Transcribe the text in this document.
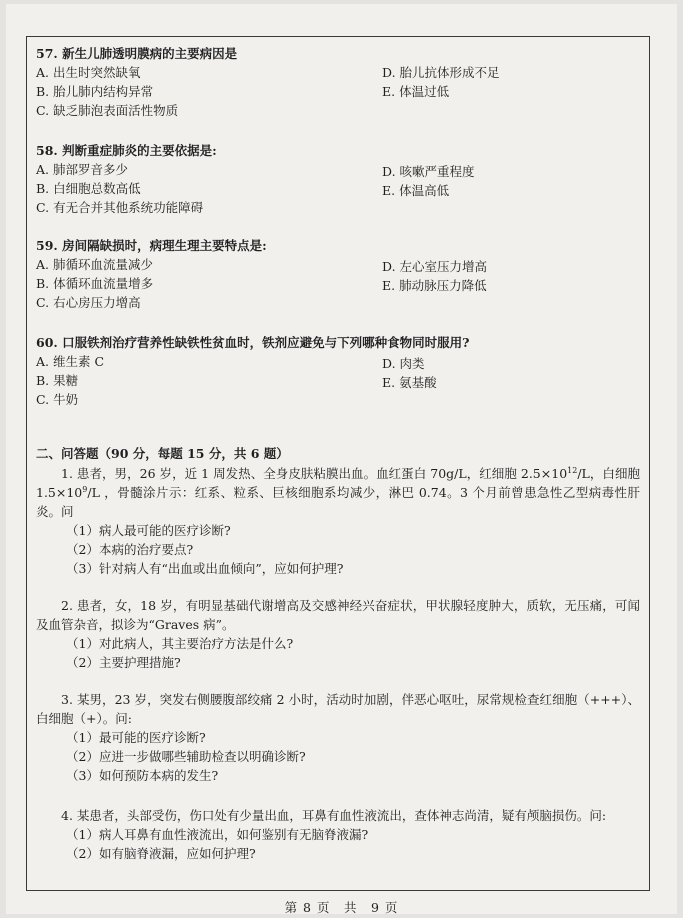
57. 新生儿肺透明膜病的主要病因是
A. 出生时突然缺氧	D. 胎儿抗体形成不足
B. 胎儿肺内结构异常	E. 体温过低
C. 缺乏肺泡表面活性物质
58. 判断重症肺炎的主要依据是:
A. 肺部罗音多少	D. 咳嗽严重程度
B. 白细胞总数高低	E. 体温高低
C. 有无合并其他系统功能障碍
59. 房间隔缺损时，病理生理主要特点是:
A. 肺循环血流量减少	D. 左心室压力增高
B. 体循环血流量增多	E. 肺动脉压力降低
C. 右心房压力增高
60. 口服铁剂治疗营养性缺铁性贫血时，铁剂应避免与下列哪种食物同时服用?
A. 维生素 C	D. 肉类
B. 果糖	E. 氨基酸
C. 牛奶
二、问答题（90 分，每题 15 分，共 6 题）
1. 患者，男，26 岁，近 1 周发热、全身皮肤粘膜出血。血红蛋白 70g/L，红细胞 $2.5\times 10^{12}/L$，白细胞 $1.5\times 10^9/L$ ，骨髓涂片示：红系、粒系、巨核细胞系均减少，淋巴 0.74。3 个月前曾患急性乙型病毒性肝炎。问
（1）病人最可能的医疗诊断?
（2）本病的治疗要点?
（3）针对病人有“出血或出血倾向”，应如何护理?
2. 患者，女，18 岁，有明显基础代谢增高及交感神经兴奋症状，甲状腺轻度肿大，质软，无压痛，可闻及血管杂音，拟诊为“Graves 病”。
（1）对此病人，其主要治疗方法是什么?
（2）主要护理措施?
3. 某男，23 岁，突发右侧腰腹部绞痛 2 小时，活动时加剧，伴恶心呕吐，尿常规检查红细胞（+++）、白细胞（+）。问:
（1）最可能的医疗诊断?
（2）应进一步做哪些辅助检查以明确诊断?
（3）如何预防本病的发生?
4. 某患者，头部受伤，伤口处有少量出血，耳鼻有血性液流出，查体神志尚清，疑有颅脑损伤。问:
（1）病人耳鼻有血性液流出，如何鉴别有无脑脊液漏?
（2）如有脑脊液漏，应如何护理?
第 8 页　共　9 页
